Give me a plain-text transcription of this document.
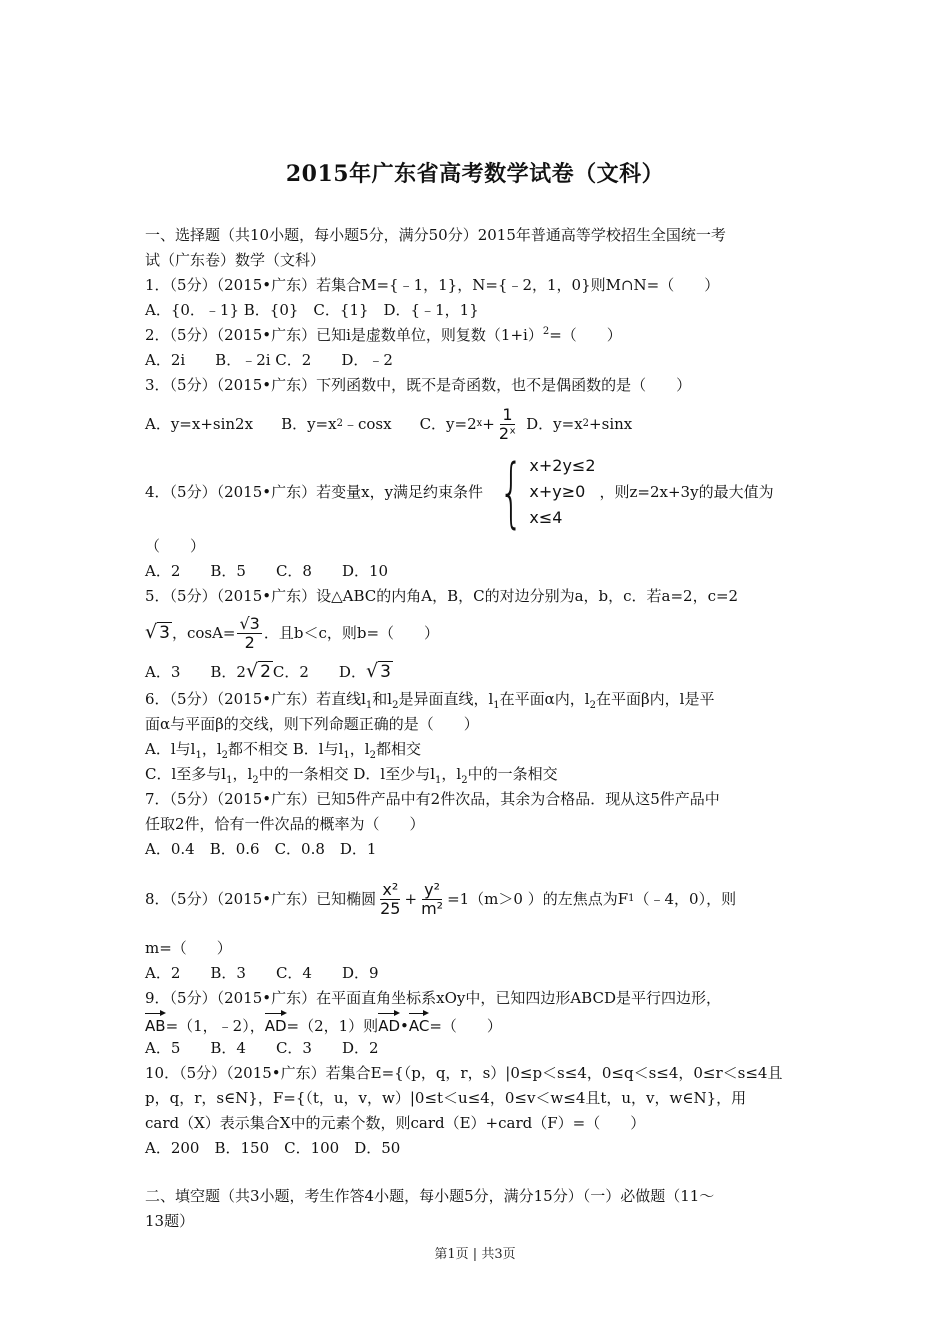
2015年广东省高考数学试卷（文科）
一、选择题（共10小题，每小题5分，满分50分）2015年普通高等学校招生全国统一考
试（广东卷）数学（文科）
1．（5分）（2015•广东）若集合M={﹣1，1}，N={﹣2，1，0}则M∩N=（　　）
A．{0．﹣1} B．{0}　C．{1}　D．{﹣1，1}
2．（5分）（2015•广东）已知i是虚数单位，则复数$(1+i)^2=$（　　）
A．2i　　B．﹣2i C．2　　D．﹣2
3．（5分）（2015•广东）下列函数中，既不是奇函数，也不是偶函数的是（　　）
A．y=x+sin2x B．y=x 2 ﹣cosx C．y=2 $x + \frac{1}{\text{2ˣ}}$ D．y=x 2 +sinx
4．（5分）（2015•广东）若变量x，y满足约束条件 { x+2y≤2
x+y≥0
x≤4
，则z=2x+3y的最大值为
（　　）
A．2　　B．5　　C．8　　D．10
5．（5分）（2015•广东）设△ABC的内角A，B，C的对边分别为a，b，c．若a=2，c=2
√ 3 ，$\cos A= \frac{√3}{2}$ ．且b＜c，则b=（　　）
A．3　　B．2 √ 2 C．2　　D． √ 3
6．（5分）（2015•广东）若直线$l_1$和$l_2$是异面直线，$l_1$在平面α内，$l_2$在平面β内，l是平
面α与平面β的交线，则下列命题正确的是（　　）
A．l与$l_1$，$l_2$都不相交 B．l与$l_1$，$l_2$都相交
C．l至多与$l_1$，$l_2$中的一条相交 D．l至少与$l_1$，$l_2$中的一条相交
7．（5分）（2015•广东）已知5件产品中有2件次品，其余为合格品．现从这5件产品中
任取2件，恰有一件次品的概率为（　　）
A．0.4　B．0.6　C．0.8　D．1
8．（5分）（2015•广东）已知椭圆 $\frac{\text{x²}}{25} + \frac{\text{y²}}{\text{m²}} =1(m>0$ ）的左焦点为F 1 （﹣4，0），则
m=（　　）
A．2　　B．3　　C．4　　D．9
9．（5分）（2015•广东）在平面直角坐标系xOy中，已知四边形ABCD是平行四边形，
AB=（1，﹣2），AD=（2，1）则AD•AC=（　　）
A．5　　B．4　　C．3　　D．2
10．（5分）（2015•广东）若集合E={（p，q，r，s）|0≤p＜s≤4，0≤q＜s≤4，0≤r＜s≤4且
p，q，r，s∈N}，F={（t，u，v，w）|0≤t＜u≤4，0≤v＜w≤4且t，u，v，w∈N}，用
card（X）表示集合X中的元素个数，则card（E）+card（F）=（　　）
A．200　B．150　C．100　D．50
二、填空题（共3小题，考生作答4小题，每小题5分，满分15分）（一）必做题（11～
13题）
第1页 | 共3页
